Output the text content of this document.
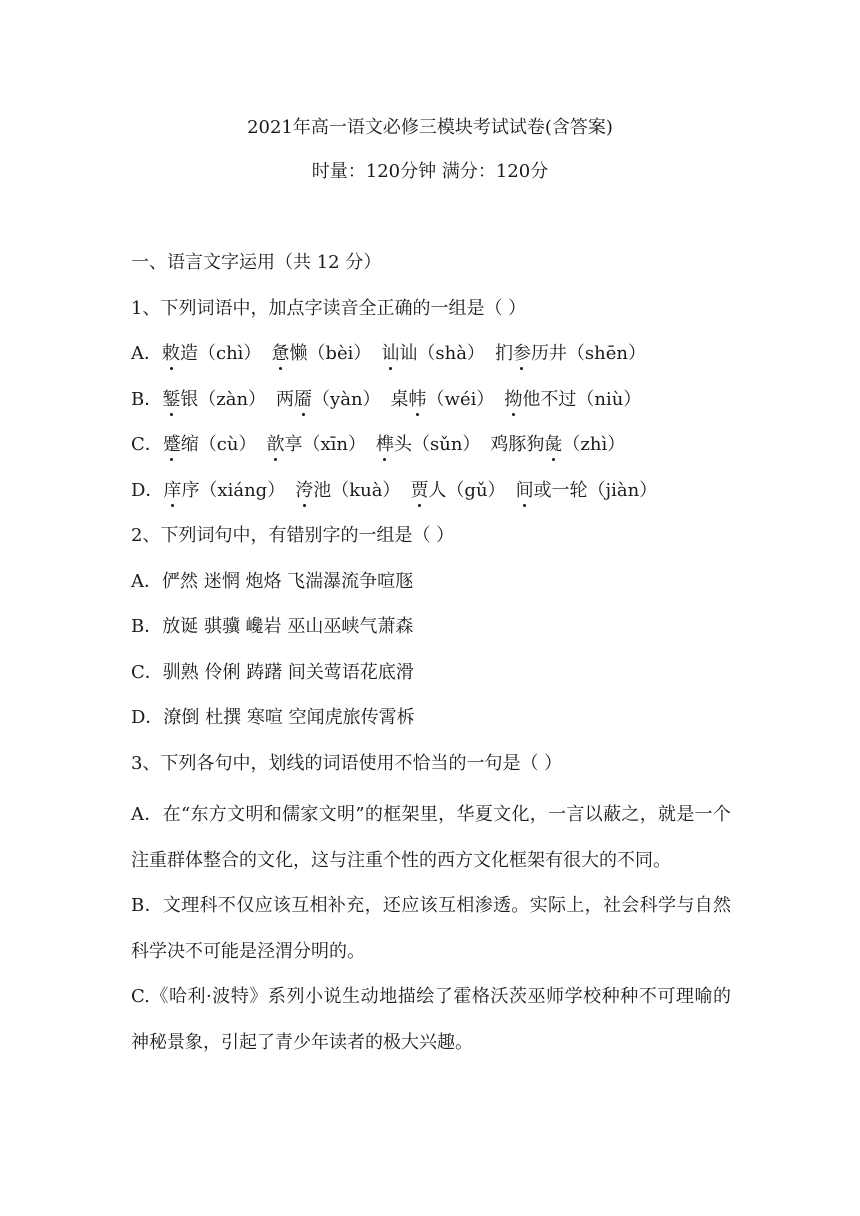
2021年高一语文必修三模块考试试卷(含答案)
时量：120分钟 满分：120分
一、语言文字运用（共 12 分）
1、下列词语中，加点字读音全正确的一组是（ ）
A．敕造（chì） 惫懒（bèi） 讪讪（shà） 扪参历井（shēn）
B．錾银（zàn） 两靥（yàn） 桌帏（wéi） 拗他不过（niù）
C．蹙缩（cù） 歆享（xīn） 榫头（sǔn） 鸡豚狗彘（zhì）
D．庠序（xiáng） 洿池（kuà） 贾人（gǔ） 间或一轮（jiàn）
2、下列词句中，有错别字的一组是（ ）
A．俨然 迷惘 炮烙 飞湍瀑流争喧豗
B．放诞 骐骥 巉岩 巫山巫峡气萧森
C．驯熟 伶俐 踌躇 间关莺语花底滑
D．潦倒 杜撰 寒喧 空闻虎旅传霄柝
3、下列各句中，划线的词语使用不恰当的一句是（ ）
A．在“东方文明和儒家文明”的框架里，华夏文化，一言以蔽之，就是一个注重群体整合的文化，这与注重个性的西方文化框架有很大的不同。
B．文理科不仅应该互相补充，还应该互相渗透。实际上，社会科学与自然科学决不可能是泾渭分明的。
C.《哈利·波特》系列小说生动地描绘了霍格沃茨巫师学校种种不可理喻的神秘景象，引起了青少年读者的极大兴趣。
